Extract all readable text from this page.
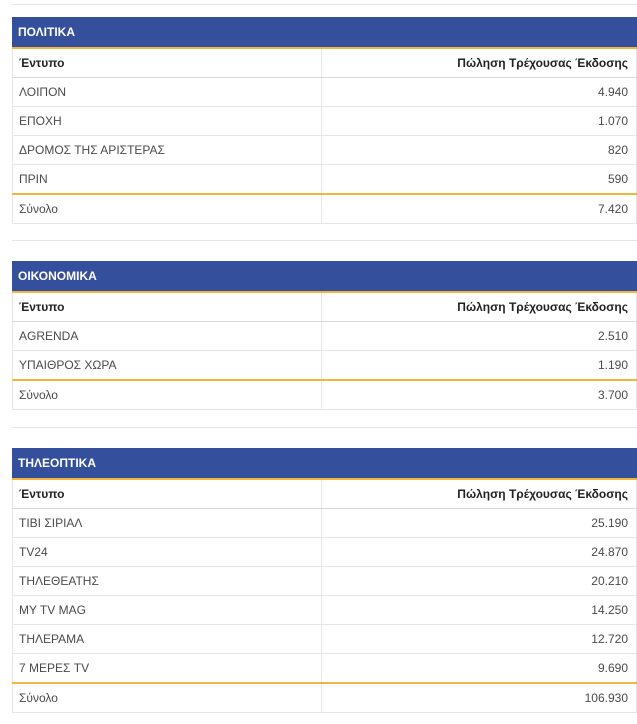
ΠΟΛΙΤΙΚΑ
Έντυπο	Πώληση Τρέχουσας Έκδοσης
ΛΟΙΠΟΝ	4.940
ΕΠΟΧΗ	1.070
ΔΡΟΜΟΣ ΤΗΣ ΑΡΙΣΤΕΡΑΣ	820
ΠΡΙΝ	590
Σύνολο	7.420
ΟΙΚΟΝΟΜΙΚΑ
Έντυπο	Πώληση Τρέχουσας Έκδοσης
AGRENDA	2.510
ΥΠΑΙΘΡΟΣ ΧΩΡΑ	1.190
Σύνολο	3.700
ΤΗΛΕΟΠΤΙΚΑ
Έντυπο	Πώληση Τρέχουσας Έκδοσης
ΤΙΒΙ ΣΙΡΙΑΛ	25.190
TV24	24.870
ΤΗΛΕΘΕΑΤΗΣ	20.210
MY TV MAG	14.250
ΤΗΛΕΡΑΜΑ	12.720
7 ΜΕΡΕΣ TV	9.690
Σύνολο	106.930
